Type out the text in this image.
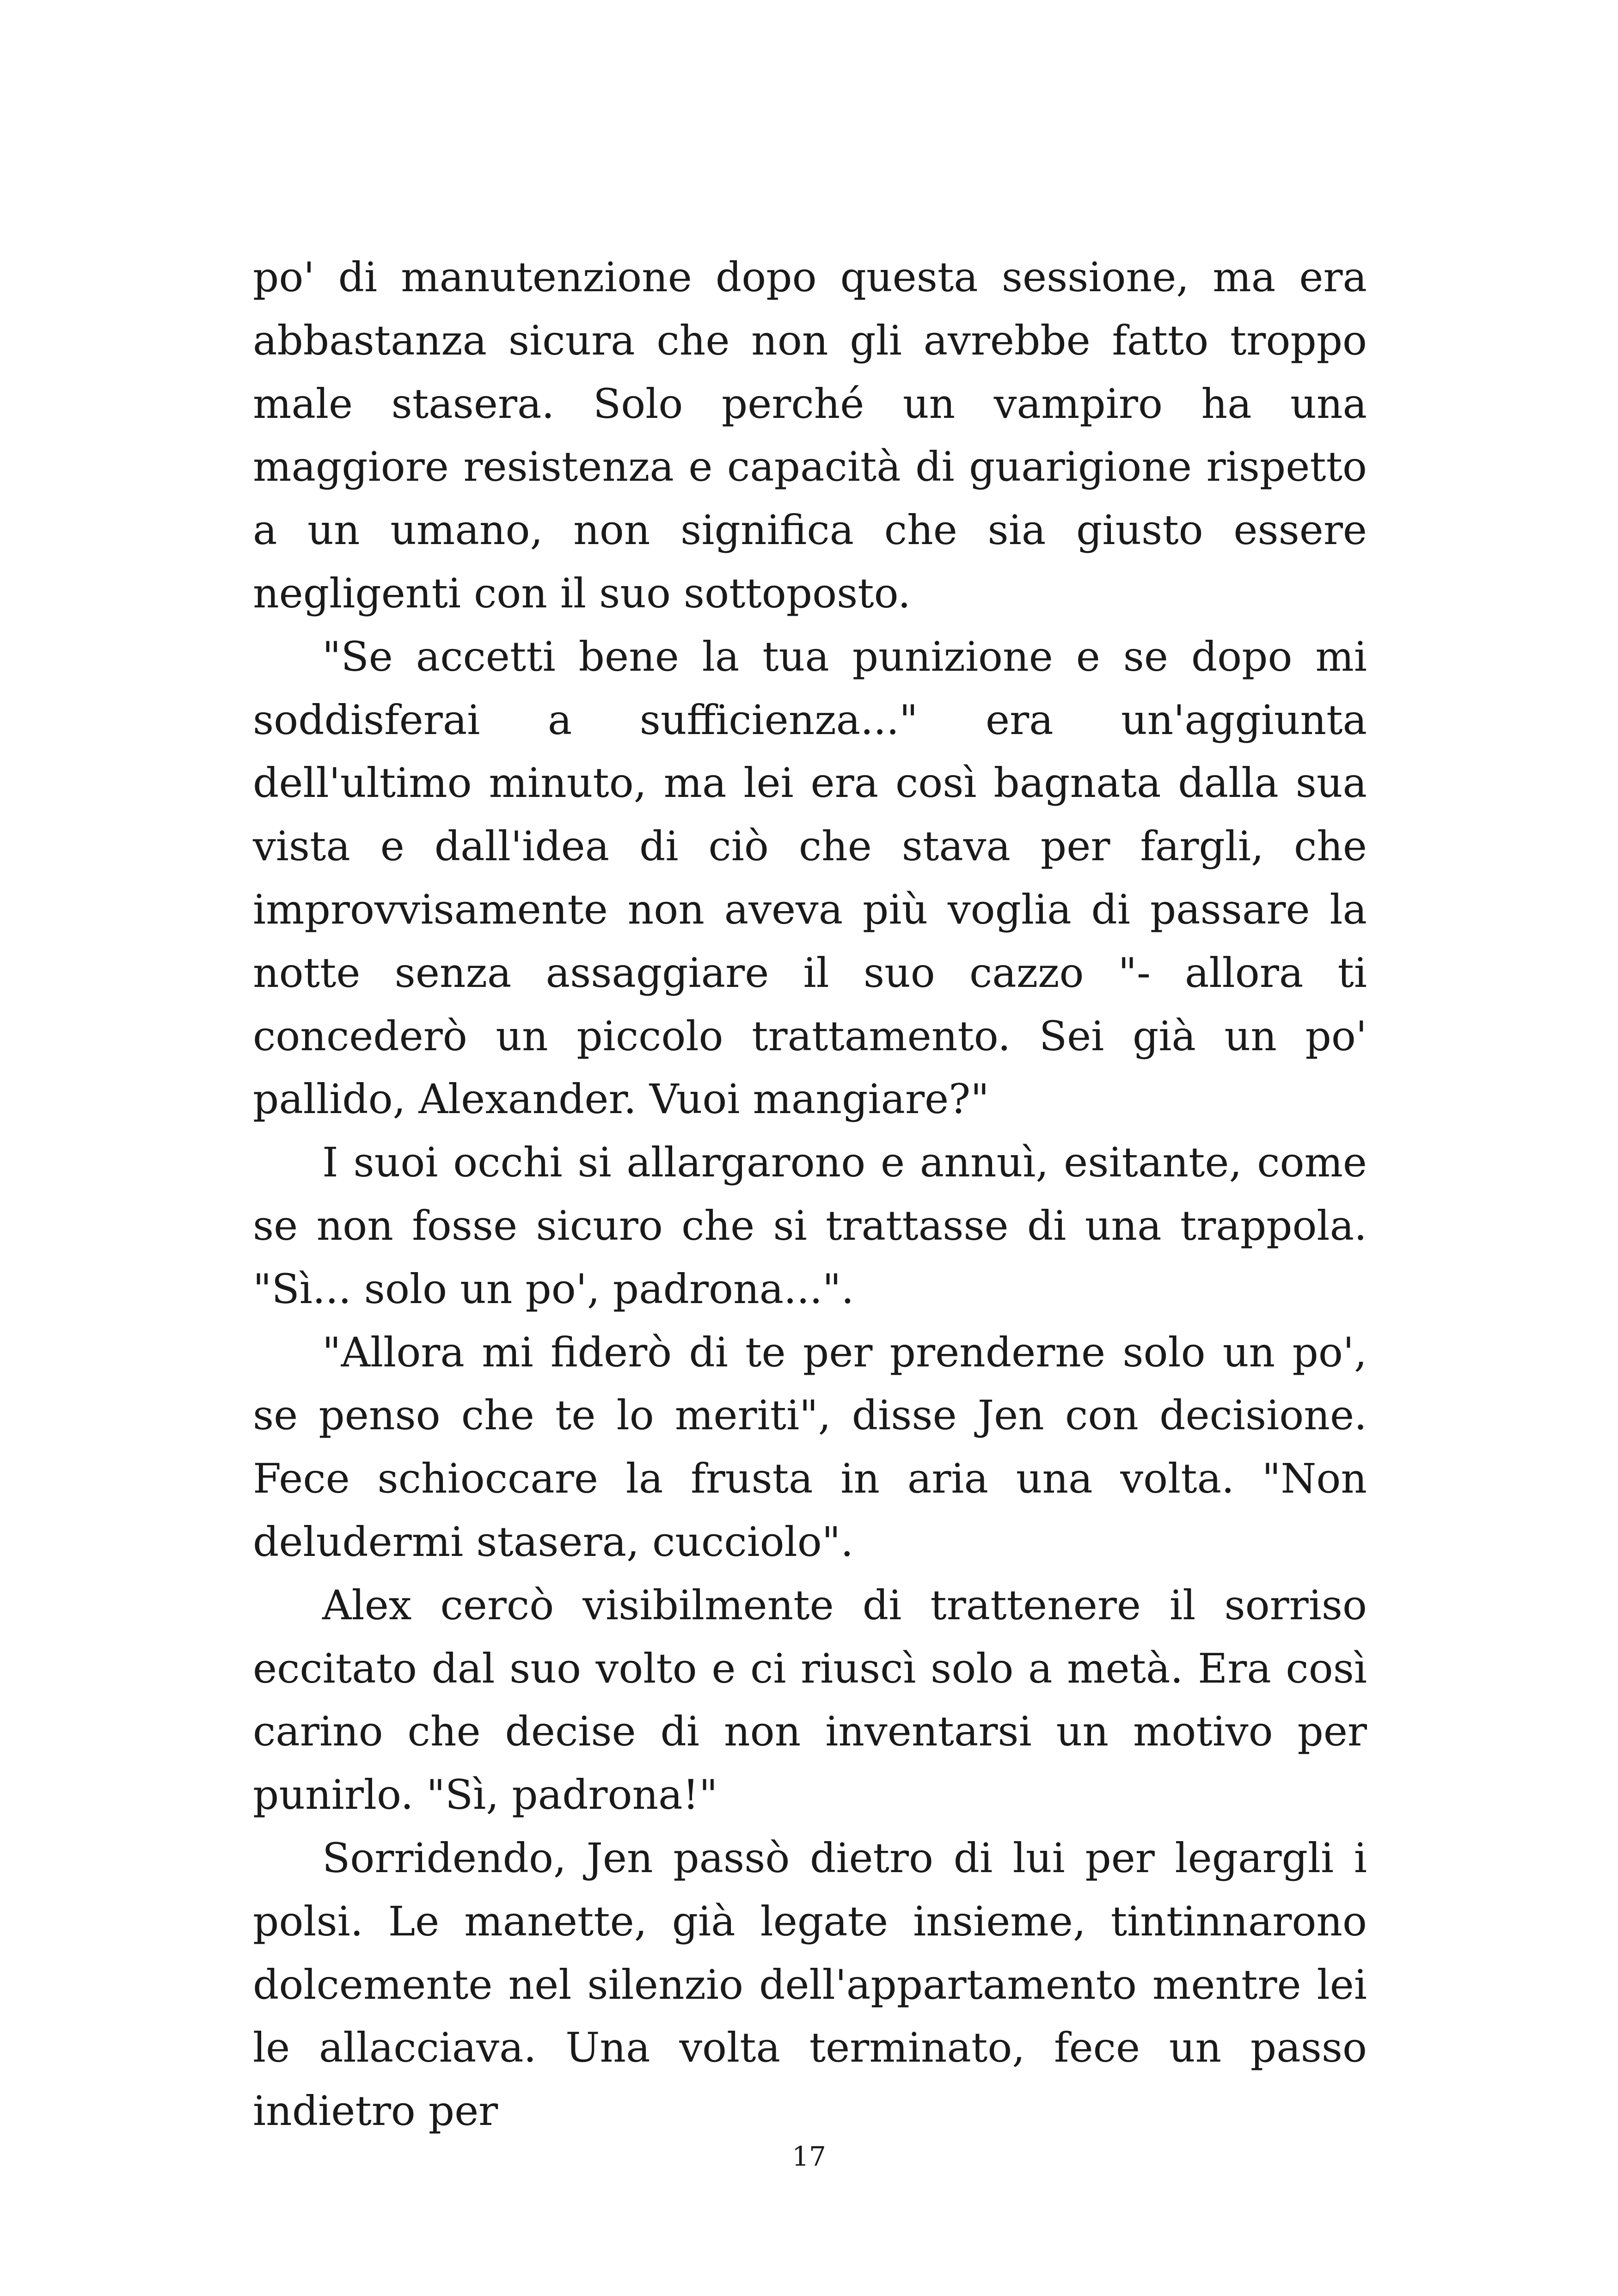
po' di manutenzione dopo questa sessione, ma era abbastanza sicura che non gli avrebbe fatto troppo male stasera. Solo perché un vampiro ha una maggiore resistenza e capacità di guarigione rispetto a un umano, non significa che sia giusto essere negligenti con il suo sottoposto.

"Se accetti bene la tua punizione e se dopo mi soddisferai a sufficienza..." era un'aggiunta dell'ultimo minuto, ma lei era così bagnata dalla sua vista e dall'idea di ciò che stava per fargli, che improvvisamente non aveva più voglia di passare la notte senza assaggiare il suo cazzo "- allora ti concederò un piccolo trattamento. Sei già un po' pallido, Alexander. Vuoi mangiare?"

I suoi occhi si allargarono e annuì, esitante, come se non fosse sicuro che si trattasse di una trappola. "Sì... solo un po', padrona...".

"Allora mi fiderò di te per prenderne solo un po', se penso che te lo meriti", disse Jen con decisione. Fece schioccare la frusta in aria una volta. "Non deludermi stasera, cucciolo".

Alex cercò visibilmente di trattenere il sorriso eccitato dal suo volto e ci riuscì solo a metà. Era così carino che decise di non inventarsi un motivo per punirlo. "Sì, padrona!"

Sorridendo, Jen passò dietro di lui per legargli i polsi. Le manette, già legate insieme, tintinnarono dolcemente nel silenzio dell'appartamento mentre lei le allacciava. Una volta terminato, fece un passo indietro per

17
